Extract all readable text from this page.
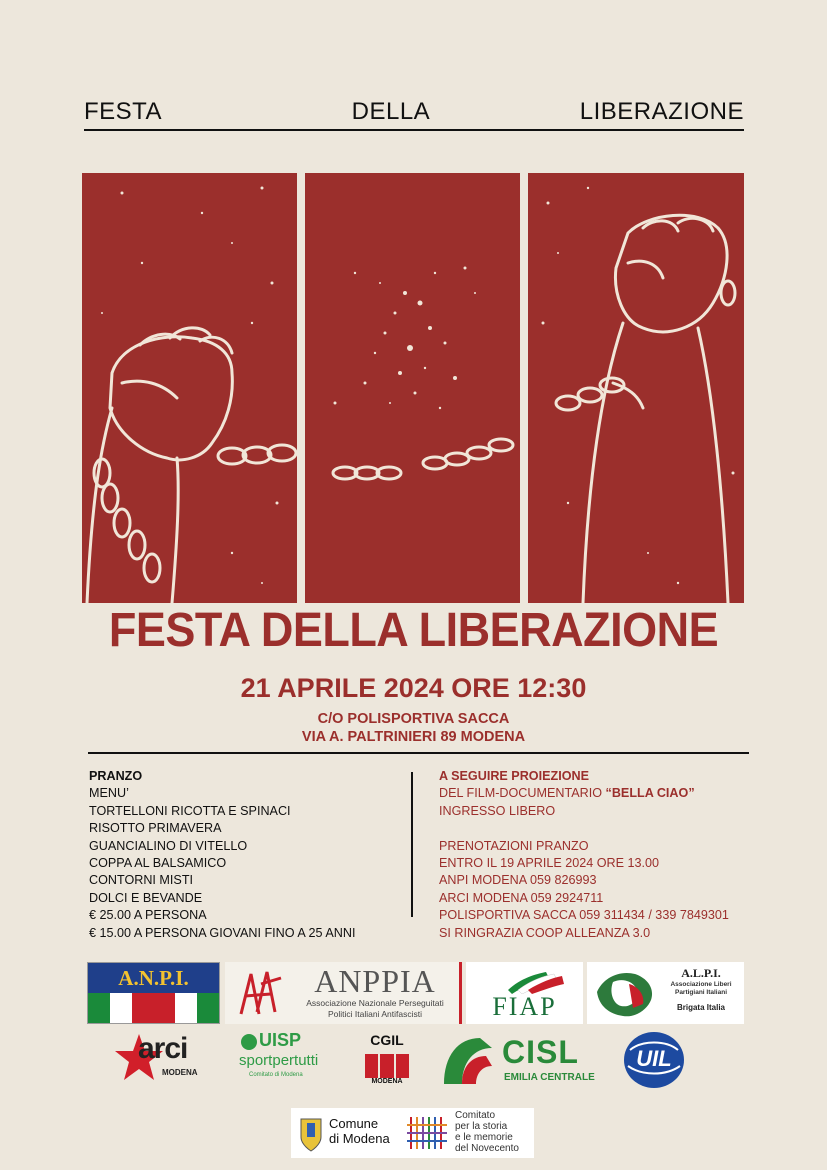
FESTA	DELLA	LIBERAZIONE
FESTA DELLA LIBERAZIONE
21 APRILE 2024 ORE 12:30
C/O POLISPORTIVA SACCA
VIA A. PALTRINIERI 89 MODENA
PRANZO
MENU’
TORTELLONI RICOTTA E SPINACI
RISOTTO PRIMAVERA
GUANCIALINO DI VITELLO
COPPA AL BALSAMICO
CONTORNI MISTI
DOLCI E BEVANDE
€ 25.00 A PERSONA
€ 15.00 A PERSONA GIOVANI FINO A 25 ANNI
A SEGUIRE PROIEZIONE
DEL FILM-DOCUMENTARIO “BELLA CIAO”
INGRESSO LIBERO
PRENOTAZIONI PRANZO
ENTRO IL 19 APRILE 2024 ORE 13.00
ANPI MODENA 059 826993
ARCI MODENA 059 2924711
POLISPORTIVA SACCA 059 311434 / 339 7849301
SI RINGRAZIA COOP ALLEANZA 3.0
A.N.P.I.	ANPPIA
Associazione Nazionale Perseguitati
Politici Italiani Antifascisti	FIAP
A.L.P.I.
Associazione Liberi
Partigiani Italiani
Brigata Italia
arci
MODENA
UISP
sportpertutti
Comitato di Modena
CGIL
MODENA
CISL
EMILIA CENTRALE
UIL
Comune
di Modena
Comitato
per la storia
e le memorie
del Novecento
